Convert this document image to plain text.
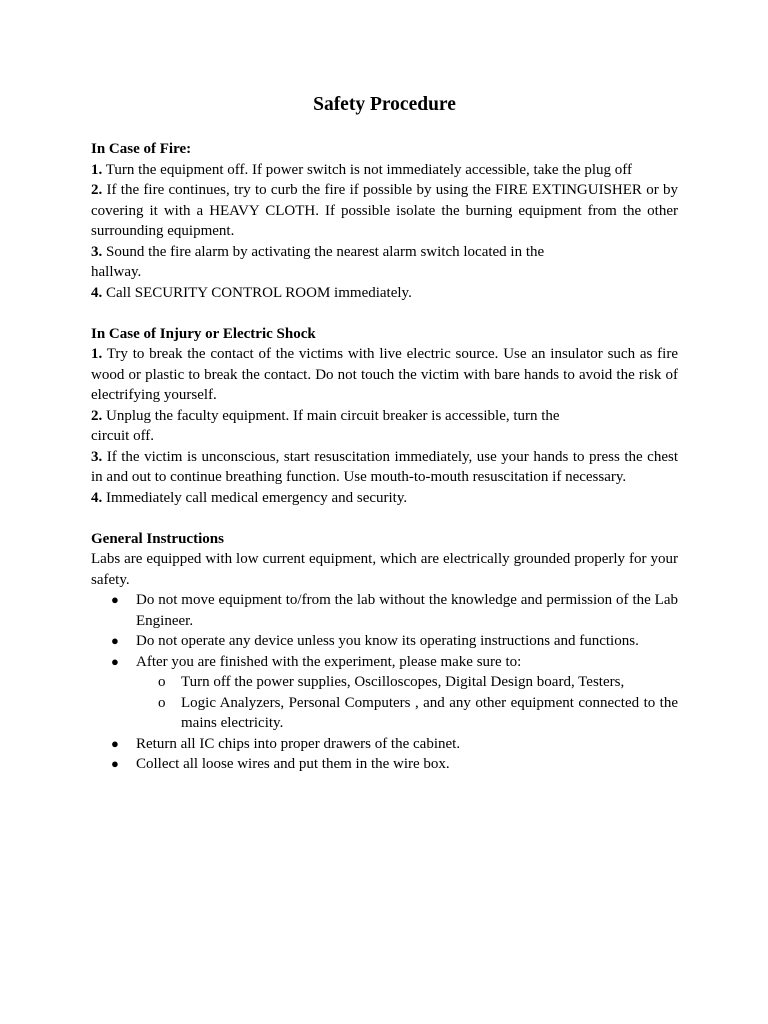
Safety Procedure
In Case of Fire:
1. Turn the equipment off. If power switch is not immediately accessible, take the plug off
2. If the fire continues, try to curb the fire if possible by using the FIRE EXTINGUISHER or by covering it with a HEAVY CLOTH. If possible isolate the burning equipment from the other surrounding equipment.
3. Sound the fire alarm by activating the nearest alarm switch located in the
hallway.
4. Call SECURITY CONTROL ROOM immediately.
In Case of Injury or Electric Shock
1. Try to break the contact of the victims with live electric source. Use an insulator such as fire wood or plastic to break the contact. Do not touch the victim with bare hands to avoid the risk of electrifying yourself.
2. Unplug the faculty equipment. If main circuit breaker is accessible, turn the
circuit off.
3. If the victim is unconscious, start resuscitation immediately, use your hands to press the chest in and out to continue breathing function. Use mouth-to-mouth resuscitation if necessary.
4. Immediately call medical emergency and security.
General Instructions

Labs are equipped with low current equipment, which are electrically grounded properly for your safety.

● Do not move equipment to/from the lab without the knowledge and permission of the Lab Engineer.
● Do not operate any device unless you know its operating instructions and functions.
● After you are finished with the experiment, please make sure to:
o Turn off the power supplies, Oscilloscopes, Digital Design board, Testers,
o Logic Analyzers, Personal Computers , and any other equipment connected to the mains electricity.
● Return all IC chips into proper drawers of the cabinet.
● Collect all loose wires and put them in the wire box.
